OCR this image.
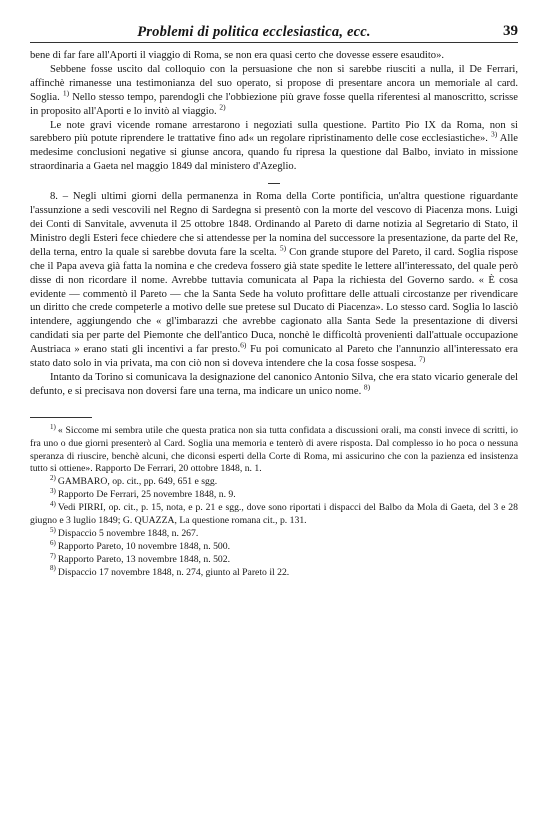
Problemi di politica ecclesiastica, ecc.	39

bene di far fare all'Aporti il viaggio di Roma, se non era quasi certo che dovesse essere esaudito».

Sebbene fosse uscito dal colloquio con la persuasione che non si sarebbe riusciti a nulla, il De Ferrari, affinchè rimanesse una testimonianza del suo operato, si propose di presentare ancora un memoriale al card. Soglia. $^{1)}$ Nello stesso tempo, parendogli che l'obbiezione più grave fosse quella riferentesi al manoscritto, scrisse in proposito all'Aporti e lo invitò al viaggio. $^{2)}$

Le note gravi vicende romane arrestarono i negoziati sulla questione. Partito Pio IX da Roma, non si sarebbero più potute riprendere le trattative fino ad« un regolare ripristinamento delle cose ecclesiastiche». $^{3)}$ Alle medesime conclusioni negative si giunse ancora, quando fu ripresa la questione dal Balbo, inviato in missione straordinaria a Gaeta nel maggio 1849 dal ministero d'Azeglio.

8. – Negli ultimi giorni della permanenza in Roma della Corte pontificia, un'altra questione riguardante l'assunzione a sedi vescovili nel Regno di Sardegna si presentò con la morte del vescovo di Piacenza mons. Luigi dei Conti di Sanvitale, avvenuta il 25 ottobre 1848. Ordinando al Pareto di darne notizia al Segretario di Stato, il Ministro degli Esteri fece chiedere che si attendesse per la nomina del successore la presentazione, da parte del Re, della terna, entro la quale si sarebbe dovuta fare la scelta. $^{5)}$ Con grande stupore del Pareto, il card. Soglia rispose che il Papa aveva già fatta la nomina e che credeva fossero già state spedite le lettere all'interessato, del quale però disse di non ricordare il nome. Avrebbe tuttavia comunicata al Papa la richiesta del Governo sardo. « È cosa evidente — commentò il Pareto — che la Santa Sede ha voluto profittare delle attuali circostanze per rivendicare un diritto che crede competerle a motivo delle sue pretese sul Ducato di Piacenza». Lo stesso card. Soglia lo lasciò intendere, aggiungendo che « gl'imbarazzi che avrebbe cagionato alla Santa Sede la presentazione di diversi candidati sia per parte del Piemonte che dell'antico Duca, nonchè le difficoltà provenienti dall'attuale occupazione Austriaca » erano stati gli incentivi a far presto.$^{6)}$ Fu poi comunicato al Pareto che l'annunzio all'interessato era stato dato solo in via privata, ma con ciò non si doveva intendere che la cosa fosse sospesa. $^{7)}$

Intanto da Torino si comunicava la designazione del canonico Antonio Silva, che era stato vicario generale del defunto, e si precisava non doversi fare una terna, ma indicare un unico nome. $^{8)}$

$^{1)}$ « Siccome mi sembra utile che questa pratica non sia tutta confidata a discussioni orali, ma consti invece di scritti, io fra uno o due giorni presenterò al Card. Soglia una memoria e tenterò di avere risposta. Dal complesso io ho poca o nessuna speranza di riuscire, benchè alcuni, che diconsi esperti della Corte di Roma, mi assicurino che con la pazienza ed insistenza tutto si ottiene». Rapporto De Ferrari, 20 ottobre 1848, n. 1.

$^{2)}$ GAMBARO, op. cit., pp. 649, 651 e sgg.

$^{3)}$ Rapporto De Ferrari, 25 novembre 1848, n. 9.

$^{4)}$ Vedi PIRRI, op. cit., p. 15, nota, e p. 21 e sgg., dove sono riportati i dispacci del Balbo da Mola di Gaeta, del 3 e 28 giugno e 3 luglio 1849; G. QUAZZA, La questione romana cit., p. 131.

$^{5)}$ Dispaccio 5 novembre 1848, n. 267.

$^{6)}$ Rapporto Pareto, 10 novembre 1848, n. 500.

$^{7)}$ Rapporto Pareto, 13 novembre 1848, n. 502.

$^{8)}$ Dispaccio 17 novembre 1848, n. 274, giunto al Pareto il 22.
